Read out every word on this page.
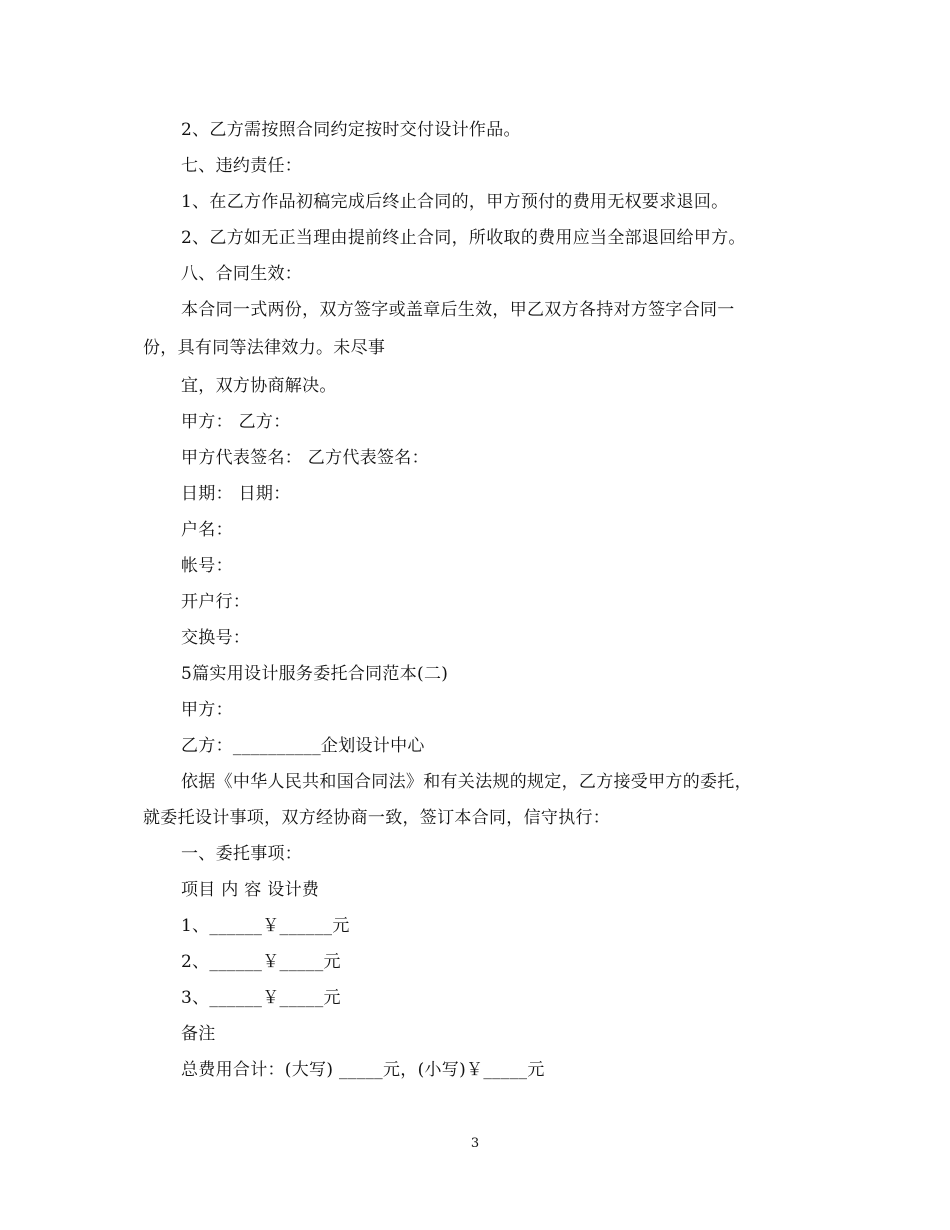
2、乙方需按照合同约定按时交付设计作品。
七、违约责任：
1、在乙方作品初稿完成后终止合同的，甲方预付的费用无权要求退回。
2、乙方如无正当理由提前终止合同，所收取的费用应当全部退回给甲方。
八、合同生效：
本合同一式两份，双方签字或盖章后生效，甲乙双方各持对方签字合同一
份，具有同等法律效力。未尽事
宜，双方协商解决。
甲方： 乙方：
甲方代表签名： 乙方代表签名：
日期： 日期：
户名：
帐号：
开户行：
交换号：
5篇实用设计服务委托合同范本(二)
甲方：
乙方：__________企划设计中心
依据《中华人民共和国合同法》和有关法规的规定，乙方接受甲方的委托，
就委托设计事项，双方经协商一致，签订本合同，信守执行：
一、委托事项：
项目 内 容 设计费
1、______￥______元
2、______￥_____元
3、______￥_____元
备注
总费用合计：(大写) _____元，(小写)￥_____元
3
